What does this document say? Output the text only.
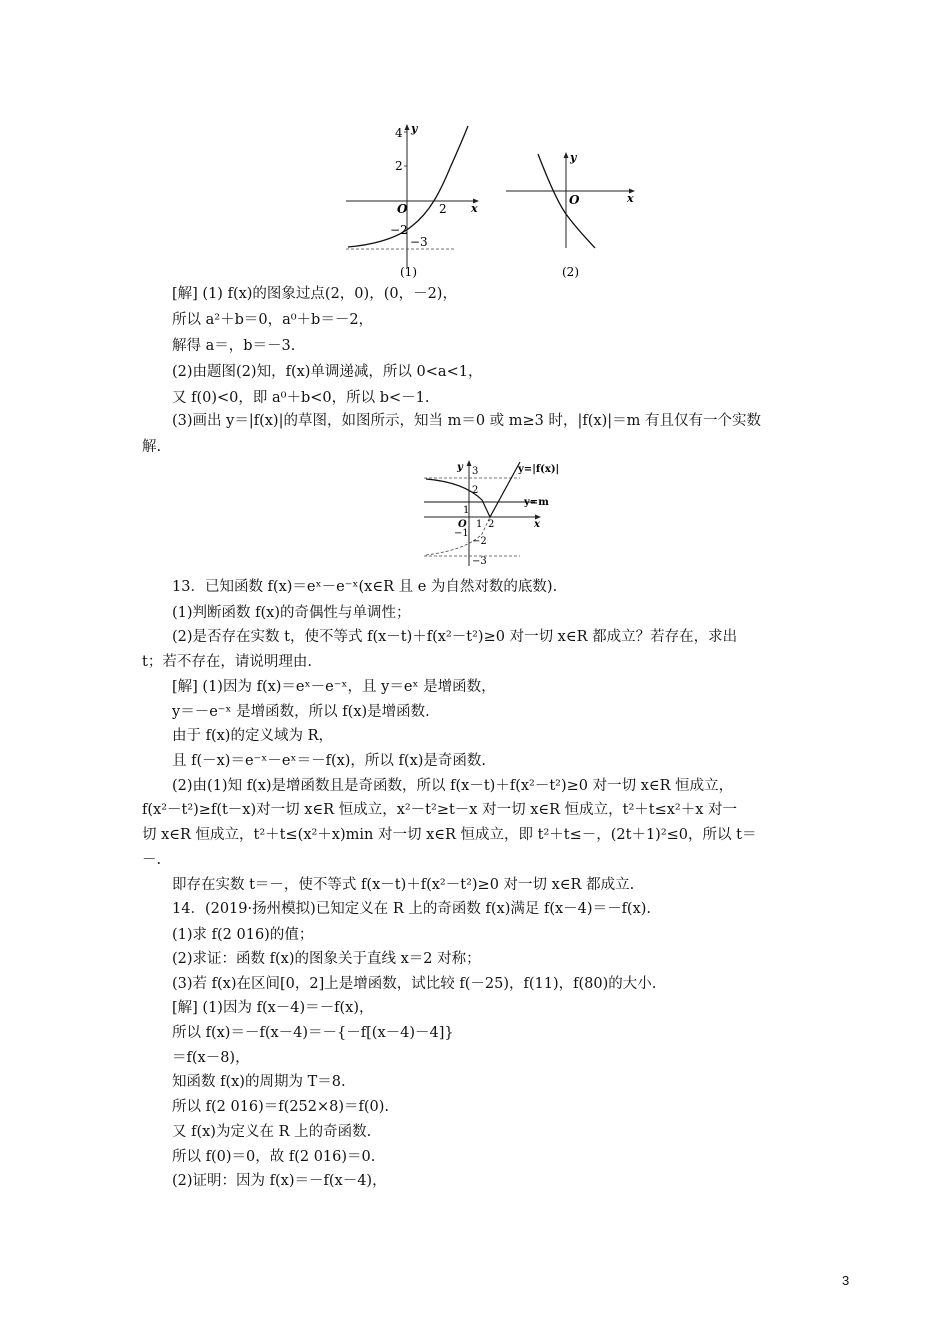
4
2
y
x
O	2
−2
−3
(1)
y
O	x
(2)
y	y=|f(x)|
y=m
3
2
1
O 1 2	x
−1
−2
−3
[解] (1) f(x)的图象过点(2，0)，(0，－2)，
所以 a²＋b＝0，a⁰＋b＝－2，
解得 a＝，b＝－3.
(2)由题图(2)知，f(x)单调递减，所以 0<a<1，
又 f(0)<0，即 a⁰＋b<0，所以 b<－1.
(3)画出 y＝|f(x)|的草图，如图所示，知当 m＝0 或 m≥3 时，|f(x)|＝m 有且仅有一个实数
解.
13．已知函数 f(x)＝eˣ－e⁻ˣ(x∈R 且 e 为自然对数的底数).
(1)判断函数 f(x)的奇偶性与单调性；
(2)是否存在实数 t，使不等式 f(x－t)＋f(x²－t²)≥0 对一切 x∈R 都成立？若存在，求出
t；若不存在，请说明理由.
[解] (1)因为 f(x)＝eˣ－e⁻ˣ，且 y＝eˣ 是增函数，
y＝－e⁻ˣ 是增函数，所以 f(x)是增函数.
由于 f(x)的定义域为 R，
且 f(－x)＝e⁻ˣ－eˣ＝－f(x)，所以 f(x)是奇函数.
(2)由(1)知 f(x)是增函数且是奇函数，所以 f(x－t)＋f(x²－t²)≥0 对一切 x∈R 恒成立，
f(x²－t²)≥f(t－x)对一切 x∈R 恒成立，x²－t²≥t－x 对一切 x∈R 恒成立，t²＋t≤x²＋x 对一
切 x∈R 恒成立，t²＋t≤(x²＋x)min 对一切 x∈R 恒成立，即 t²＋t≤－，(2t＋1)²≤0，所以 t＝
－.
即存在实数 t＝－，使不等式 f(x－t)＋f(x²－t²)≥0 对一切 x∈R 都成立.
14．(2019·扬州模拟)已知定义在 R 上的奇函数 f(x)满足 f(x－4)＝－f(x).
(1)求 f(2 016)的值；
(2)求证：函数 f(x)的图象关于直线 x＝2 对称；
(3)若 f(x)在区间[0，2]上是增函数，试比较 f(－25)，f(11)，f(80)的大小.
[解] (1)因为 f(x－4)＝－f(x)，
所以 f(x)＝－f(x－4)＝－{－f[(x－4)－4]}
＝f(x－8)，
知函数 f(x)的周期为 T＝8.
所以 f(2 016)＝f(252×8)＝f(0).
又 f(x)为定义在 R 上的奇函数.
所以 f(0)＝0，故 f(2 016)＝0.
(2)证明：因为 f(x)＝－f(x－4)，
3
